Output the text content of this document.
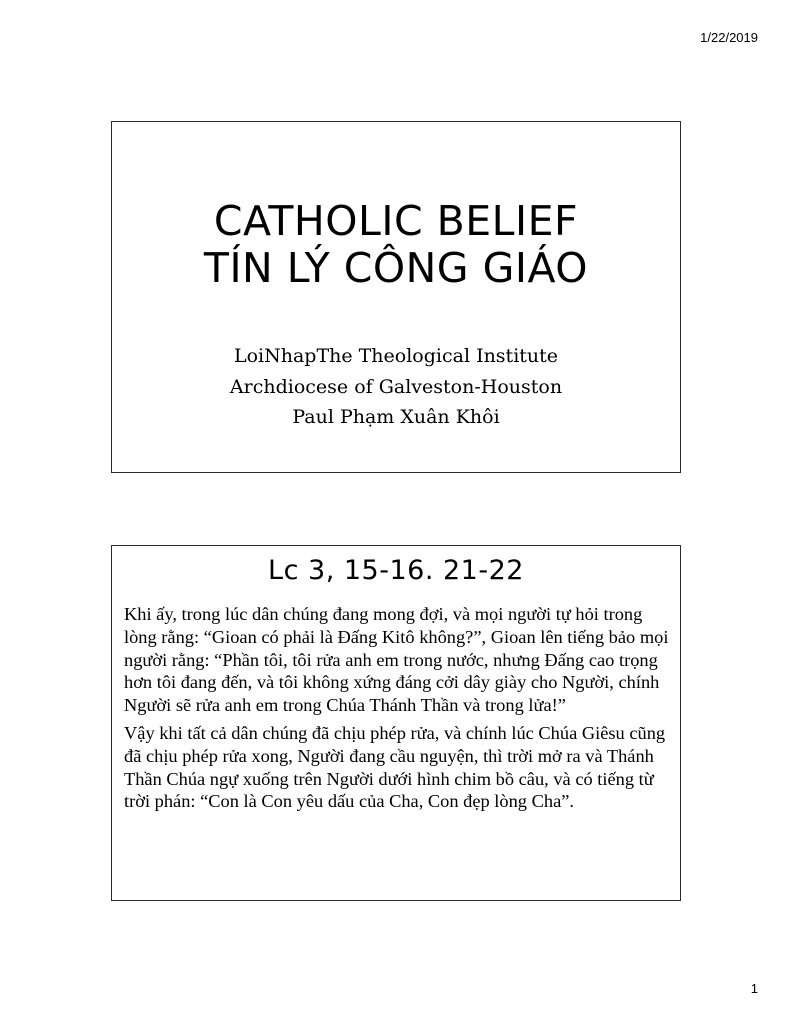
1/22/2019
CATHOLIC BELIEF
TÍN LÝ CÔNG GIÁO
LoiNhapThe Theological Institute
Archdiocese of Galveston-Houston
Paul Phạm Xuân Khôi
Lc 3, 15-16. 21-22

Khi ấy, trong lúc dân chúng đang mong đợi, và mọi người tự hỏi trong lòng rằng: “Gioan có phải là Đấng Kitô không?”, Gioan lên tiếng bảo mọi người rằng: “Phần tôi, tôi rửa anh em trong nước, nhưng Đấng cao trọng hơn tôi đang đến, và tôi không xứng đáng cởi dây giày cho Người, chính Người sẽ rửa anh em trong Chúa Thánh Thần và trong lửa!”

Vậy khi tất cả dân chúng đã chịu phép rửa, và chính lúc Chúa Giêsu cũng đã chịu phép rửa xong, Người đang cầu nguyện, thì trời mở ra và Thánh Thần Chúa ngự xuống trên Người dưới hình chim bồ câu, và có tiếng từ trời phán: “Con là Con yêu dấu của Cha, Con đẹp lòng Cha”.

1
